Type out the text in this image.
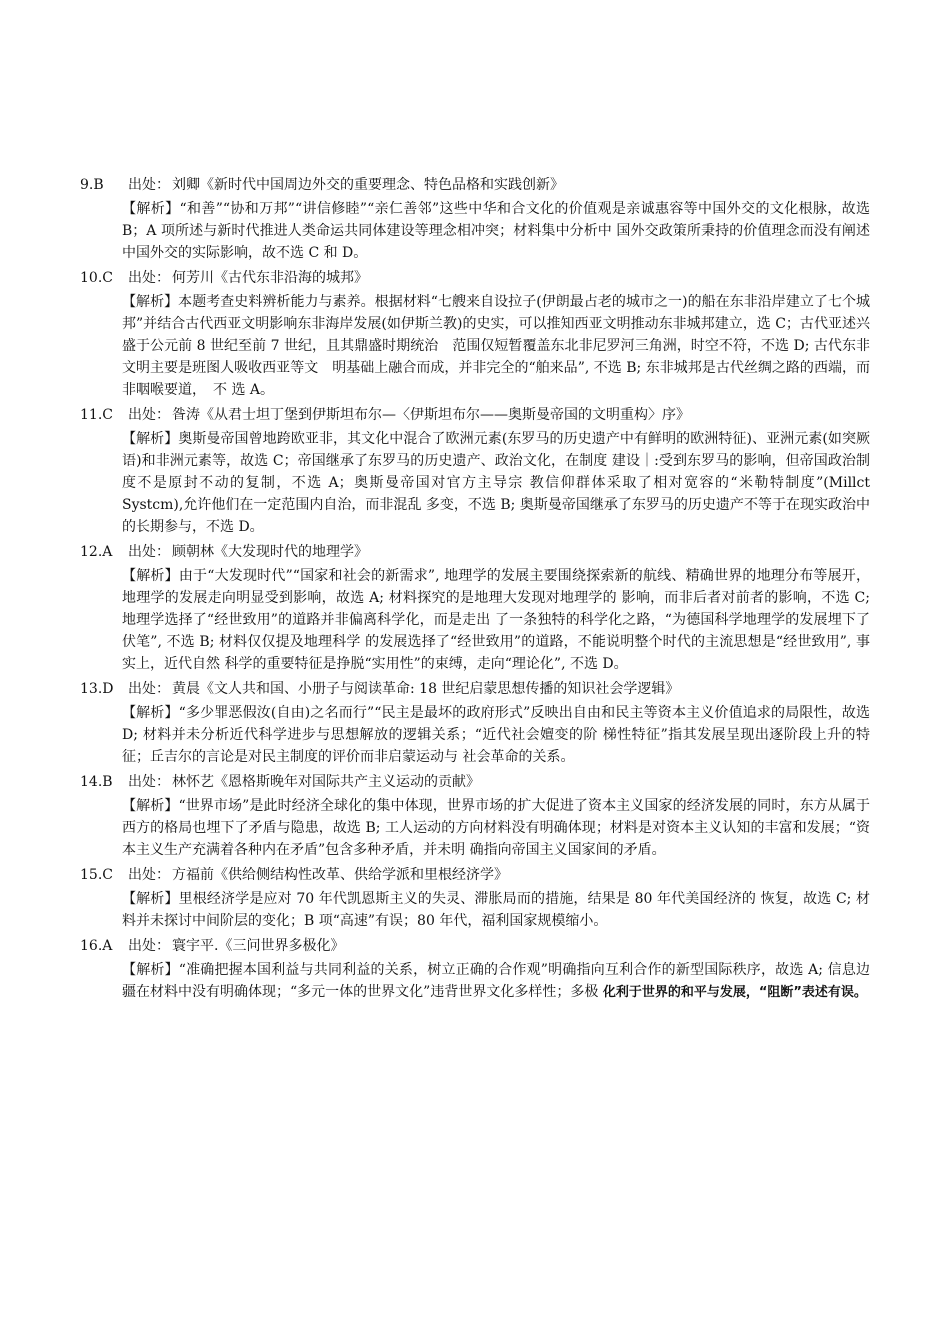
9.B 出处： 刘卿《新时代中国周边外交的重要理念、特色品格和实践创新》
【解析】“和善”“协和万邦”“讲信修睦”“亲仁善邻”这些中华和合文化的价值观是亲诚惠容等中国外交的文化根脉，故选 B；A 项所述与新时代推进人类命运共同体建设等理念相冲突；材料集中分析中 国外交政策所秉持的价值理念而没有阐述中国外交的实际影响，故不选 C 和 D。
10.C 出处： 何芳川《古代东非沿海的城邦》
【解析】本题考查史料辨析能力与素养。根据材料“七艘来自设拉子(伊朗最占老的城市之一)的船在东非沿岸建立了七个城邦”并结合古代西亚文明影响东非海岸发展(如伊斯兰教)的史实，可以推知西亚文明推动东非城邦建立，选 C；古代亚述兴盛于公元前 8 世纪至前 7 世纪，且其鼎盛时期统治　范围仅短暂覆盖东北非尼罗河三角洲，时空不符，不选 D; 古代东非文明主要是班图人吸收西亚等文　明基础上融合而成，并非完全的“舶来品”, 不选 B; 东非城邦是古代丝绸之路的西端，而非咽喉要道，　不 选 A。
11.C 出处： 昝涛《从君士坦丁堡到伊斯坦布尔—〈伊斯坦布尔——奥斯曼帝国的文明重构〉序》
【解析】奥斯曼帝国曾地跨欧亚非，其文化中混合了欧洲元素(东罗马的历史遗产中有鲜明的欧洲特征)、亚洲元素(如突厥语)和非洲元素等，故选 C；帝国继承了东罗马的历史遗产、政治文化，在制度 建设｜:受到东罗马的影响，但帝国政治制度不是原封不动的复制，不选 A；奥斯曼帝国对官方主导宗 教信仰群体采取了相对宽容的“米勒特制度”(Millct　Systcm),允许他们在一定范围内自治，而非混乱 多变，不选 B; 奥斯曼帝国继承了东罗马的历史遗产不等于在现实政治中的长期参与，不选 D。
12.A 出处： 顾朝林《大发现时代的地理学》
【解析】由于“大发现时代”“国家和社会的新需求”, 地理学的发展主要围绕探索新的航线、精确世界的地理分布等展开，地理学的发展走向明显受到影响，故选 A; 材料探究的是地理大发现对地理学的 影响，而非后者对前者的影响，不选 C; 地理学选择了“经世致用”的道路并非偏离科学化，而是走出 了一条独特的科学化之路，“为德国科学地理学的发展埋下了伏笔”, 不选 B; 材料仅仅提及地理科学 的发展选择了“经世致用”的道路，不能说明整个时代的主流思想是“经世致用”, 事实上，近代自然 科学的重要特征是挣脱“实用性”的束缚，走向“理论化”, 不选 D。
13.D 出处： 黄晨《文人共和国、小册子与阅读革命: 18 世纪启蒙思想传播的知识社会学逻辑》
【解析】“多少罪恶假汝(自由)之名而行”“民主是最坏的政府形式”反映出自由和民主等资本主义价值追求的局限性，故选 D; 材料并未分析近代科学进步与思想解放的逻辑关系；“近代社会嬗变的阶 梯性特征”指其发展呈现出逐阶段上升的特征；丘吉尔的言论是对民主制度的评价而非启蒙运动与 社会革命的关系。
14.B 出处： 林怀艺《恩格斯晚年对国际共产主义运动的贡献》
【解析】“世界市场”是此时经济全球化的集中体现，世界市场的扩大促进了资本主义国家的经济发展的同时，东方从属于西方的格局也埋下了矛盾与隐患，故选 B; 工人运动的方向材料没有明确体现；材料是对资本主义认知的丰富和发展；“资本主义生产充满着各种内在矛盾”包含多种矛盾，并未明 确指向帝国主义国家间的矛盾。
15.C 出处： 方福前《供给侧结构性改革、供给学派和里根经济学》
【解析】里根经济学是应对 70 年代凯恩斯主义的失灵、滞胀局而的措施，结果是 80 年代美国经济的 恢复，故选 C; 材料并未探讨中间阶层的变化；B 项“高速”有误；80 年代，福利国家规模缩小。
16.A 出处： 寰宇平.《三问世界多极化》
【解析】“准确把握本国利益与共同利益的关系，树立正确的合作观”明确指向互利合作的新型国际秩序，故选 A; 信息边疆在材料中没有明确体现；“多元一体的世界文化”违背世界文化多样性；多极 化利于世界的和平与发展，“阻断”表述有误。
